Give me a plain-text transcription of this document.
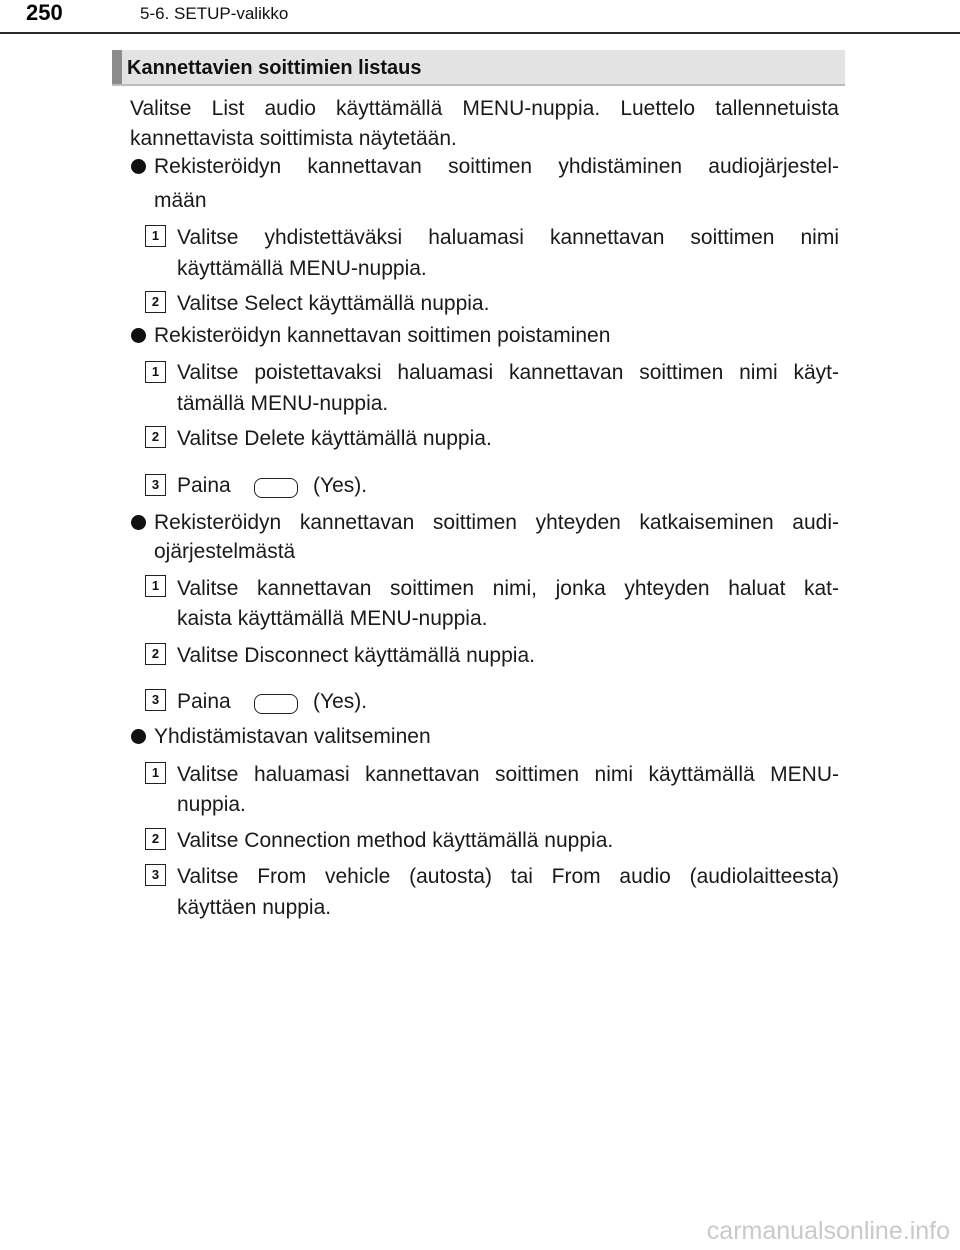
250	5-6. SETUP-valikko
Kannettavien soittimien listaus
Valitse List audio käyttämällä MENU-nuppia. Luettelo tallennetuista
kannettavista soittimista näytetään.
Rekisteröidyn kannettavan soittimen yhdistäminen audiojärjestel-
mään
1 Valitse yhdistettäväksi haluamasi kannettavan soittimen nimi
käyttämällä MENU-nuppia.
2 Valitse Select käyttämällä nuppia.
Rekisteröidyn kannettavan soittimen poistaminen
1 Valitse poistettavaksi haluamasi kannettavan soittimen nimi käyt-
tämällä MENU-nuppia.
2 Valitse Delete käyttämällä nuppia.
3 Paina	(Yes).
Rekisteröidyn kannettavan soittimen yhteyden katkaiseminen audi-
ojärjestelmästä
1 Valitse kannettavan soittimen nimi, jonka yhteyden haluat kat-
kaista käyttämällä MENU-nuppia.
2 Valitse Disconnect käyttämällä nuppia.
3 Paina	(Yes).
Yhdistämistavan valitseminen
1 Valitse haluamasi kannettavan soittimen nimi käyttämällä MENU-
nuppia.
2 Valitse Connection method käyttämällä nuppia.
3 Valitse From vehicle (autosta) tai From audio (audiolaitteesta)
käyttäen nuppia.
carmanualsonline.info
